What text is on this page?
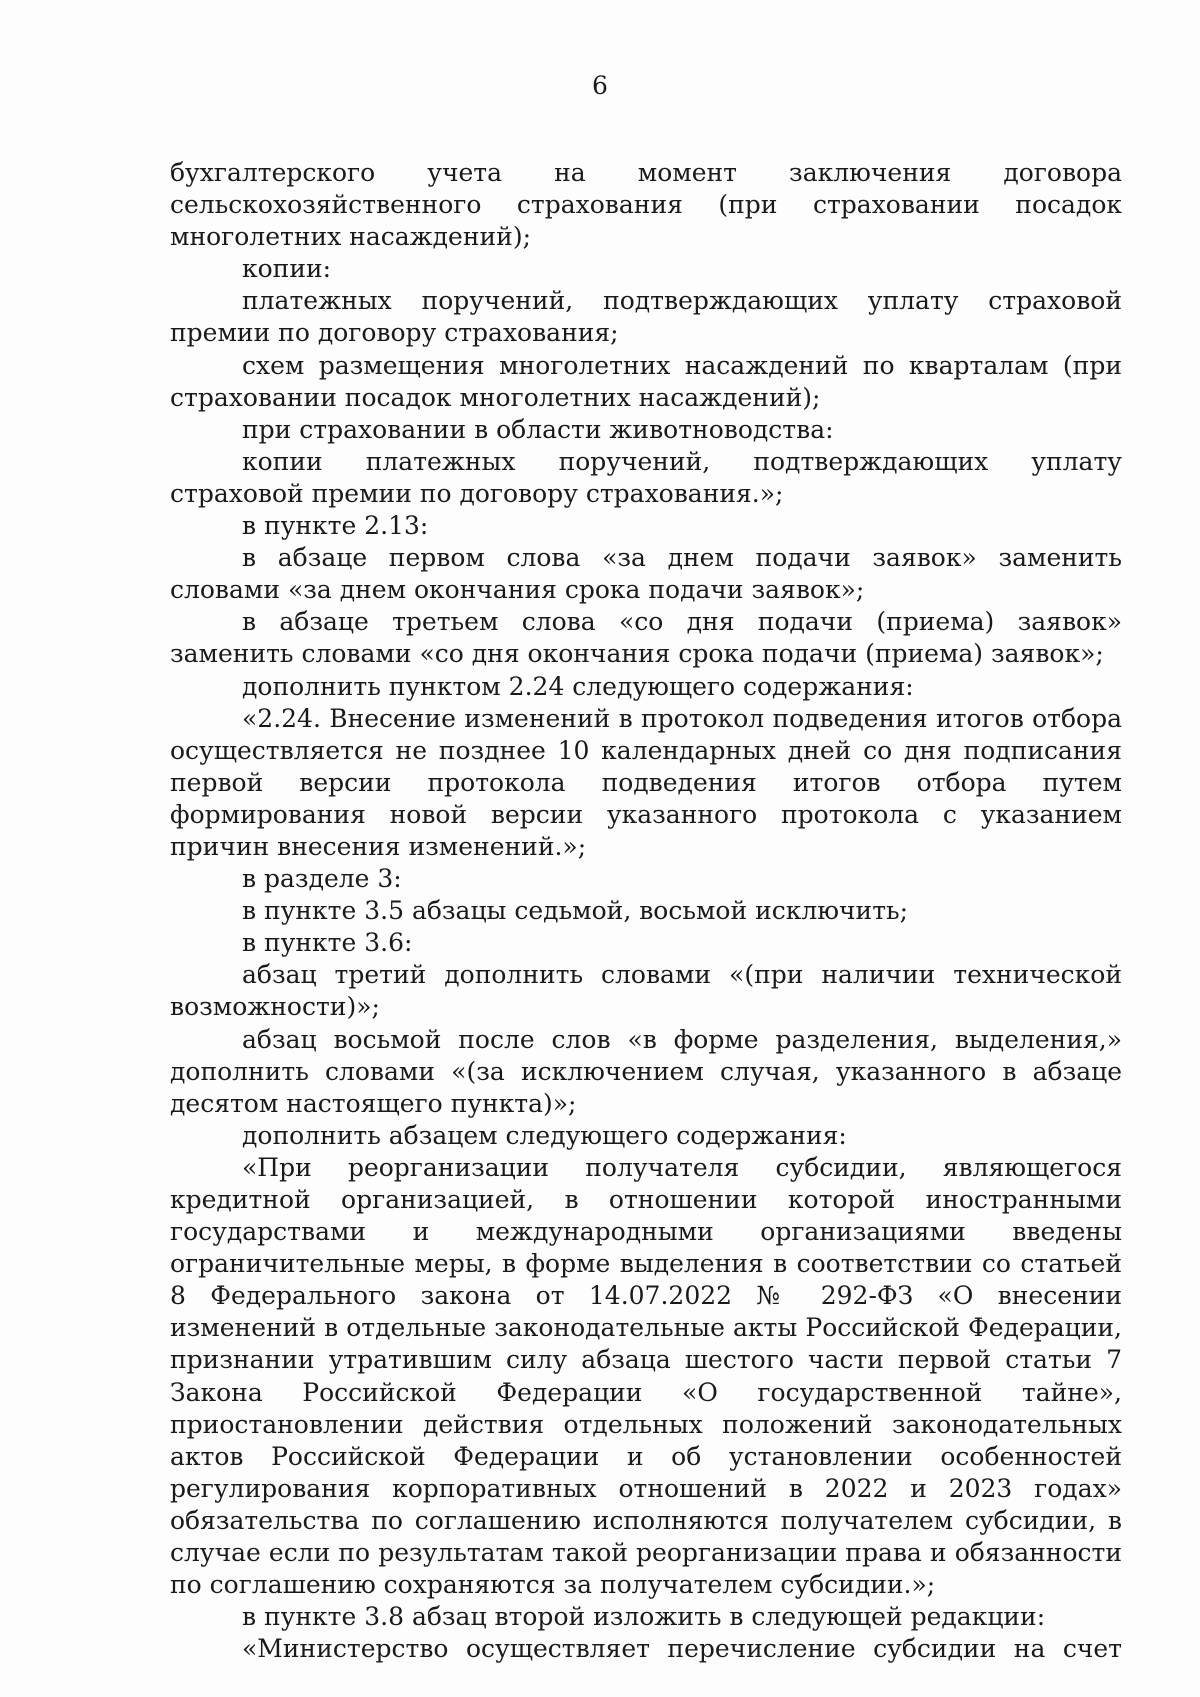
6

бухгалтерского учета на момент заключения договора сельскохозяйственного страхования (при страховании посадок многолетних насаждений);

копии:

платежных поручений, подтверждающих уплату страховой премии по договору страхования;

схем размещения многолетних насаждений по кварталам (при страховании посадок многолетних насаждений);

при страховании в области животноводства:

копии платежных поручений, подтверждающих уплату страховой премии по договору страхования.»;

в пункте 2.13:

в абзаце первом слова «за днем подачи заявок» заменить словами «за днем окончания срока подачи заявок»;

в абзаце третьем слова «со дня подачи (приема) заявок» заменить словами «со дня окончания срока подачи (приема) заявок»;

дополнить пунктом 2.24 следующего содержания:

«2.24. Внесение изменений в протокол подведения итогов отбора осуществляется не позднее 10 календарных дней со дня подписания первой версии протокола подведения итогов отбора путем формирования новой версии указанного протокола с указанием причин внесения изменений.»;

в разделе 3:

в пункте 3.5 абзацы седьмой, восьмой исключить;

в пункте 3.6:

абзац третий дополнить словами «(при наличии технической возможности)»;

абзац восьмой после слов «в форме разделения, выделения,» дополнить словами «(за исключением случая, указанного в абзаце десятом настоящего пункта)»;

дополнить абзацем следующего содержания:

«При реорганизации получателя субсидии, являющегося кредитной организацией, в отношении которой иностранными государствами и международными организациями введены ограничительные меры, в форме выделения в соответствии со статьей 8 Федерального закона от 14.07.2022 № 292-ФЗ «О внесении изменений в отдельные законодательные акты Российской Федерации, признании утратившим силу абзаца шестого части первой статьи 7 Закона Российской Федерации «О государственной тайне», приостановлении действия отдельных положений законодательных актов Российской Федерации и об установлении особенностей регулирования корпоративных отношений в 2022 и 2023 годах» обязательства по соглашению исполняются получателем субсидии, в случае если по результатам такой реорганизации права и обязанности по соглашению сохраняются за получателем субсидии.»;

в пункте 3.8 абзац второй изложить в следующей редакции:

«Министерство осуществляет перечисление субсидии на счет
